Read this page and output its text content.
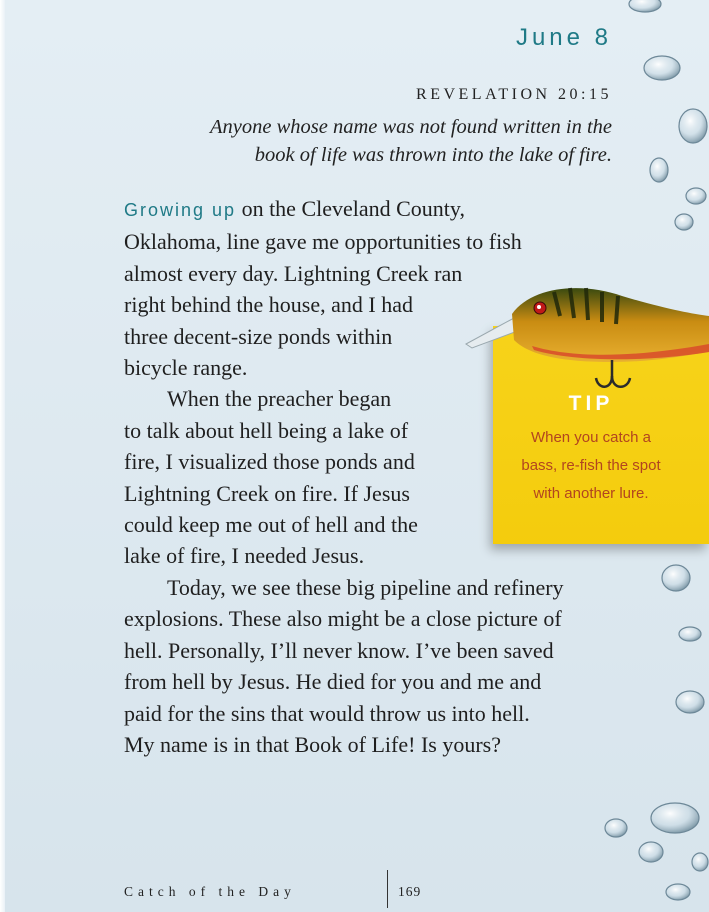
June 8
REVELATION 20:15
Anyone whose name was not found written in the
book of life was thrown into the lake of fire.

Growing up on the Cleveland County,
Oklahoma, line gave me opportunities to fish
almost every day. Lightning Creek ran
right behind the house, and I had
three decent-size ponds within
bicycle range.

When the preacher began
to talk about hell being a lake of
fire, I visualized those ponds and
Lightning Creek on fire. If Jesus
could keep me out of hell and the
lake of fire, I needed Jesus.

Today, we see these big pipeline and refinery
explosions. These also might be a close picture of
hell. Personally, I’ll never know. I’ve been saved
from hell by Jesus. He died for you and me and
paid for the sins that would throw us into hell.
My name is in that Book of Life! Is yours?

TIP
When you catch a
bass, re-fish the spot
with another lure.
Catch of the Day	169
